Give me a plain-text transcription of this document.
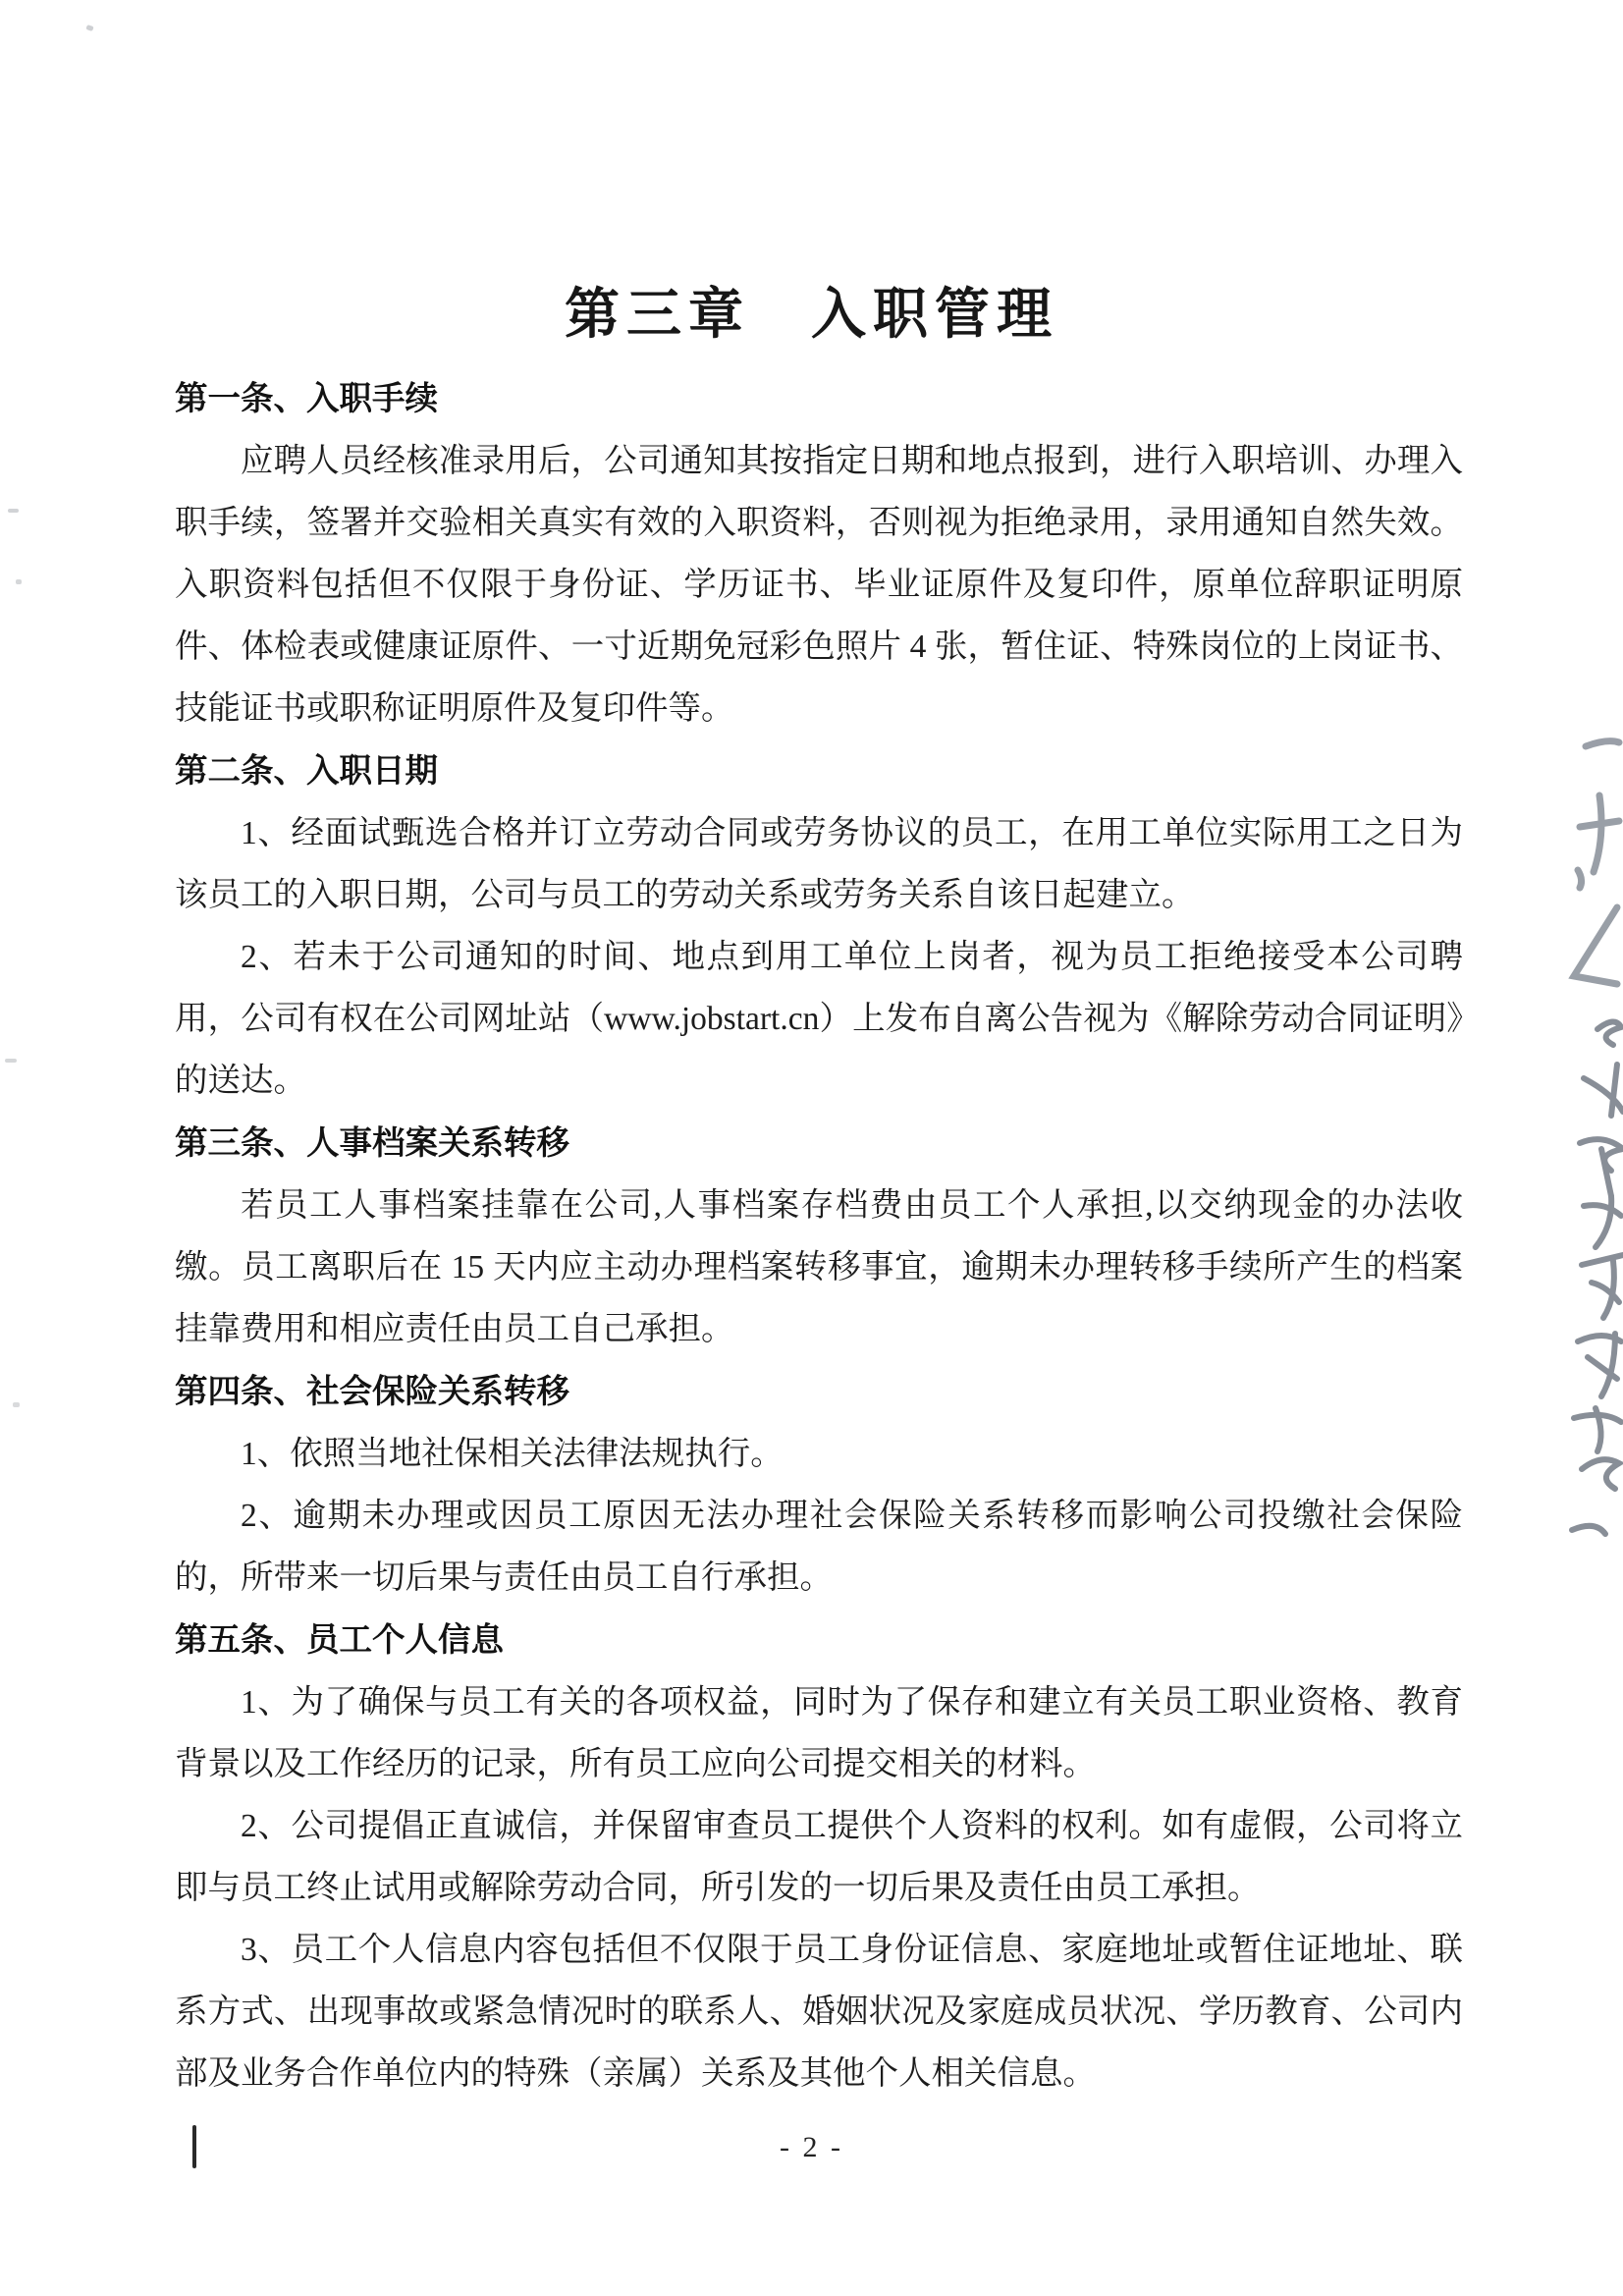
第三章 入职管理
第一条、入职手续

应聘人员经核准录用后，公司通知其按指定日期和地点报到，进行入职培训、办理入职手续，签署并交验相关真实有效的入职资料，否则视为拒绝录用，录用通知自然失效。入职资料包括但不仅限于身份证、学历证书、毕业证原件及复印件，原单位辞职证明原件、体检表或健康证原件、一寸近期免冠彩色照片 4 张，暂住证、特殊岗位的上岗证书、技能证书或职称证明原件及复印件等。

第二条、入职日期

1、经面试甄选合格并订立劳动合同或劳务协议的员工，在用工单位实际用工之日为该员工的入职日期，公司与员工的劳动关系或劳务关系自该日起建立。

2、若未于公司通知的时间、地点到用工单位上岗者，视为员工拒绝接受本公司聘用，公司有权在公司网址站（www.jobstart.cn）上发布自离公告视为《解除劳动合同证明》的送达。

第三条、人事档案关系转移

若员工人事档案挂靠在公司,人事档案存档费由员工个人承担,以交纳现金的办法收缴。员工离职后在 15 天内应主动办理档案转移事宜，逾期未办理转移手续所产生的档案挂靠费用和相应责任由员工自己承担。

第四条、社会保险关系转移

1、依照当地社保相关法律法规执行。

2、逾期未办理或因员工原因无法办理社会保险关系转移而影响公司投缴社会保险的，所带来一切后果与责任由员工自行承担。

第五条、员工个人信息

1、为了确保与员工有关的各项权益，同时为了保存和建立有关员工职业资格、教育背景以及工作经历的记录，所有员工应向公司提交相关的材料。

2、公司提倡正直诚信，并保留审查员工提供个人资料的权利。如有虚假，公司将立即与员工终止试用或解除劳动合同，所引发的一切后果及责任由员工承担。

3、员工个人信息内容包括但不仅限于员工身份证信息、家庭地址或暂住证地址、联系方式、出现事故或紧急情况时的联系人、婚姻状况及家庭成员状况、学历教育、公司内部及业务合作单位内的特殊（亲属）关系及其他个人相关信息。

- 2 -
